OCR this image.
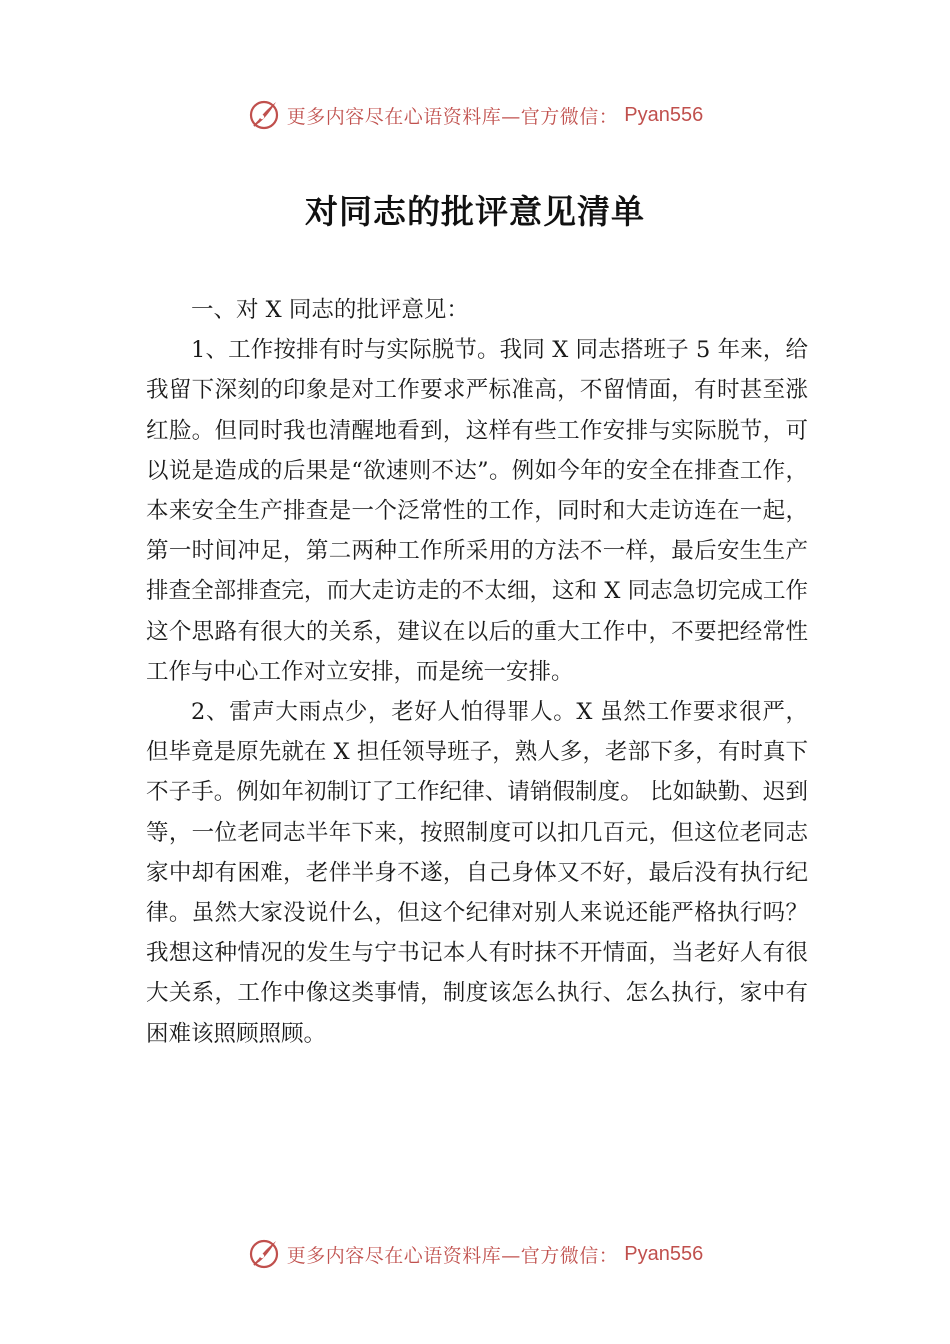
更多内容尽在心语资料库—官方微信： Pyan556
对同志的批评意见清单

一、对 X 同志的批评意见：

1、工作按排有时与实际脱节。我同 X 同志搭班子 5 年来，给我留下深刻的印象是对工作要求严标准高，不留情面，有时甚至涨红脸。但同时我也清醒地看到，这样有些工作安排与实际脱节，可以说是造成的后果是“欲速则不达”。例如今年的安全在排查工作，本来安全生产排查是一个泛常性的工作，同时和大走访连在一起，第一时间冲足，第二两种工作所采用的方法不一样，最后安生生产排查全部排查完，而大走访走的不太细，这和 X 同志急切完成工作这个思路有很大的关系，建议在以后的重大工作中，不要把经常性工作与中心工作对立安排，而是统一安排。

2、雷声大雨点少，老好人怕得罪人。X 虽然工作要求很严，但毕竟是原先就在 X 担任领导班子，熟人多，老部下多，有时真下不子手。例如年初制订了工作纪律、请销假制度。 比如缺勤、迟到等，一位老同志半年下来，按照制度可以扣几百元，但这位老同志家中却有困难，老伴半身不遂，自己身体又不好，最后没有执行纪律。虽然大家没说什么，但这个纪律对别人来说还能严格执行吗？我想这种情况的发生与宁书记本人有时抹不开情面，当老好人有很大关系，工作中像这类事情，制度该怎么执行、怎么执行，家中有困难该照顾照顾。

更多内容尽在心语资料库—官方微信： Pyan556
